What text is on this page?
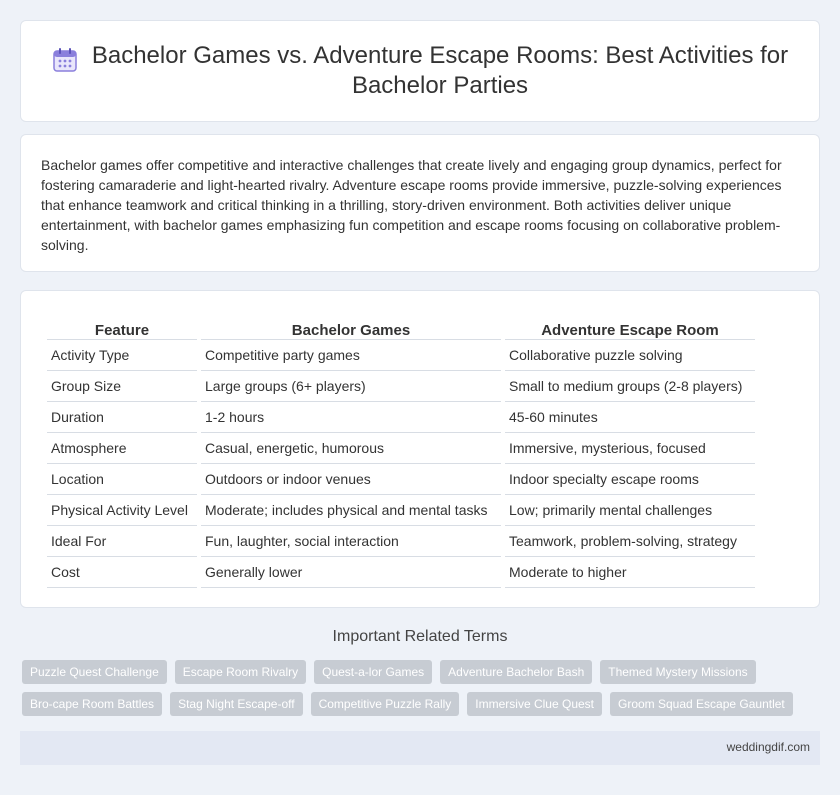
Bachelor Games vs. Adventure Escape Rooms: Best Activities for Bachelor Parties

Bachelor games offer competitive and interactive challenges that create lively and engaging group dynamics, perfect for fostering camaraderie and light-hearted rivalry. Adventure escape rooms provide immersive, puzzle-solving experiences that enhance teamwork and critical thinking in a thrilling, story-driven environment. Both activities deliver unique entertainment, with bachelor games emphasizing fun competition and escape rooms focusing on collaborative problem-solving.

Feature	Bachelor Games	Adventure Escape Room
Activity Type	Competitive party games	Collaborative puzzle solving
Group Size	Large groups (6+ players)	Small to medium groups (2-8 players)
Duration	1-2 hours	45-60 minutes
Atmosphere	Casual, energetic, humorous	Immersive, mysterious, focused
Location	Outdoors or indoor venues	Indoor specialty escape rooms
Physical Activity Level	Moderate; includes physical and mental tasks	Low; primarily mental challenges
Ideal For	Fun, laughter, social interaction	Teamwork, problem-solving, strategy
Cost	Generally lower	Moderate to higher
Important Related Terms
Puzzle Quest Challenge	Escape Room Rivalry	Quest-a-lor Games	Adventure Bachelor Bash	Themed Mystery Missions
Bro-cape Room Battles	Stag Night Escape-off	Competitive Puzzle Rally	Immersive Clue Quest	Groom Squad Escape Gauntlet
weddingdif.com
